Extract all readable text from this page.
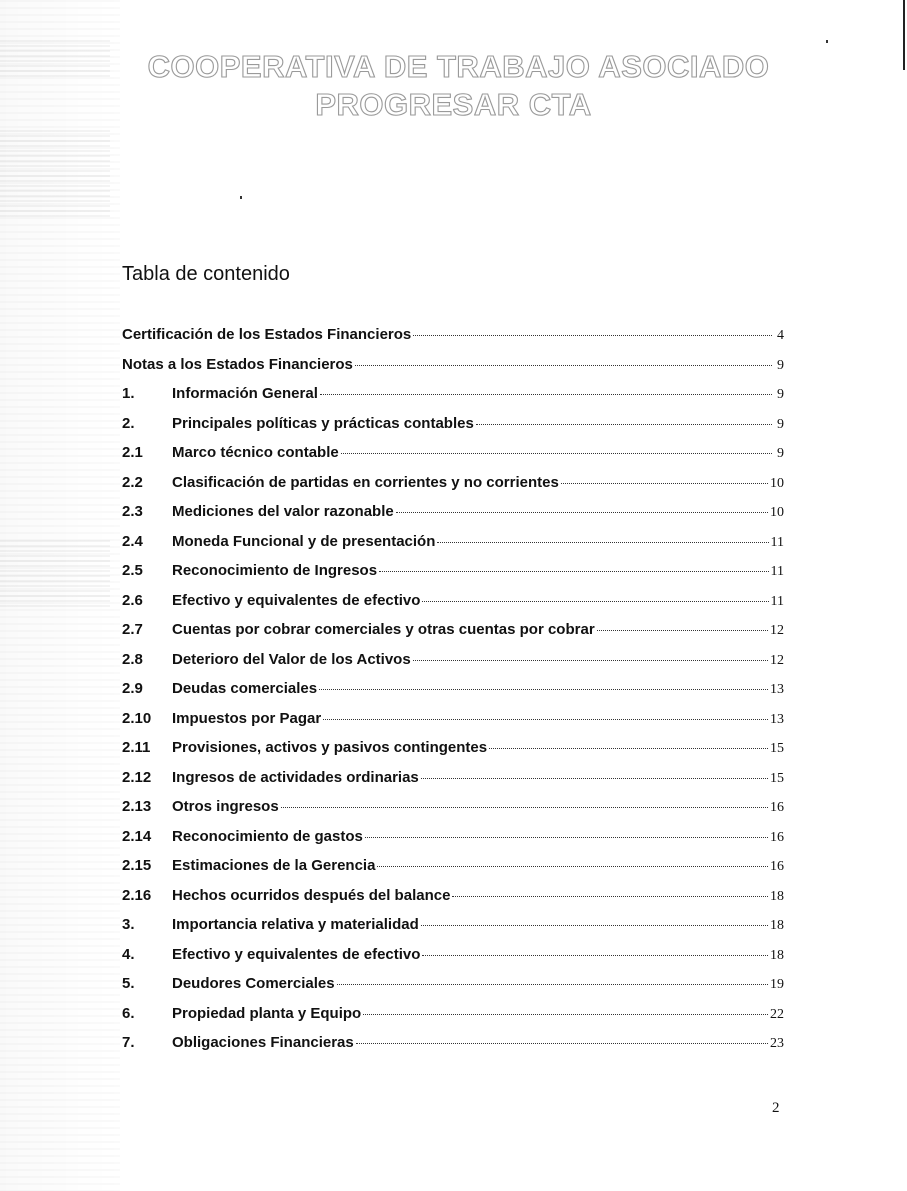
COOPERATIVA DE TRABAJO ASOCIADO
PROGRESAR CTA
Tabla de contenido
Certificación de los Estados Financieros	4
Notas a los Estados Financieros	9
1.	Información General	9
2.	Principales políticas y prácticas contables	9
2.1	Marco técnico contable	9
2.2	Clasificación de partidas en corrientes y no corrientes	10
2.3	Mediciones del valor razonable	10
2.4	Moneda Funcional y de presentación	11
2.5	Reconocimiento de Ingresos	11
2.6	Efectivo y equivalentes de efectivo	11
2.7	Cuentas por cobrar comerciales y otras cuentas por cobrar	12
2.8	Deterioro del Valor de los Activos	12
2.9	Deudas comerciales	13
2.10	Impuestos por Pagar	13
2.11	Provisiones, activos y pasivos contingentes	15
2.12	Ingresos de actividades ordinarias	15
2.13	Otros ingresos	16
2.14	Reconocimiento de gastos	16
2.15	Estimaciones de la Gerencia	16
2.16	Hechos ocurridos después del balance	18
3.	Importancia relativa y materialidad	18
4.	Efectivo y equivalentes de efectivo	18
5.	Deudores Comerciales	19
6.	Propiedad planta y Equipo	22
7.	Obligaciones Financieras	23
2
